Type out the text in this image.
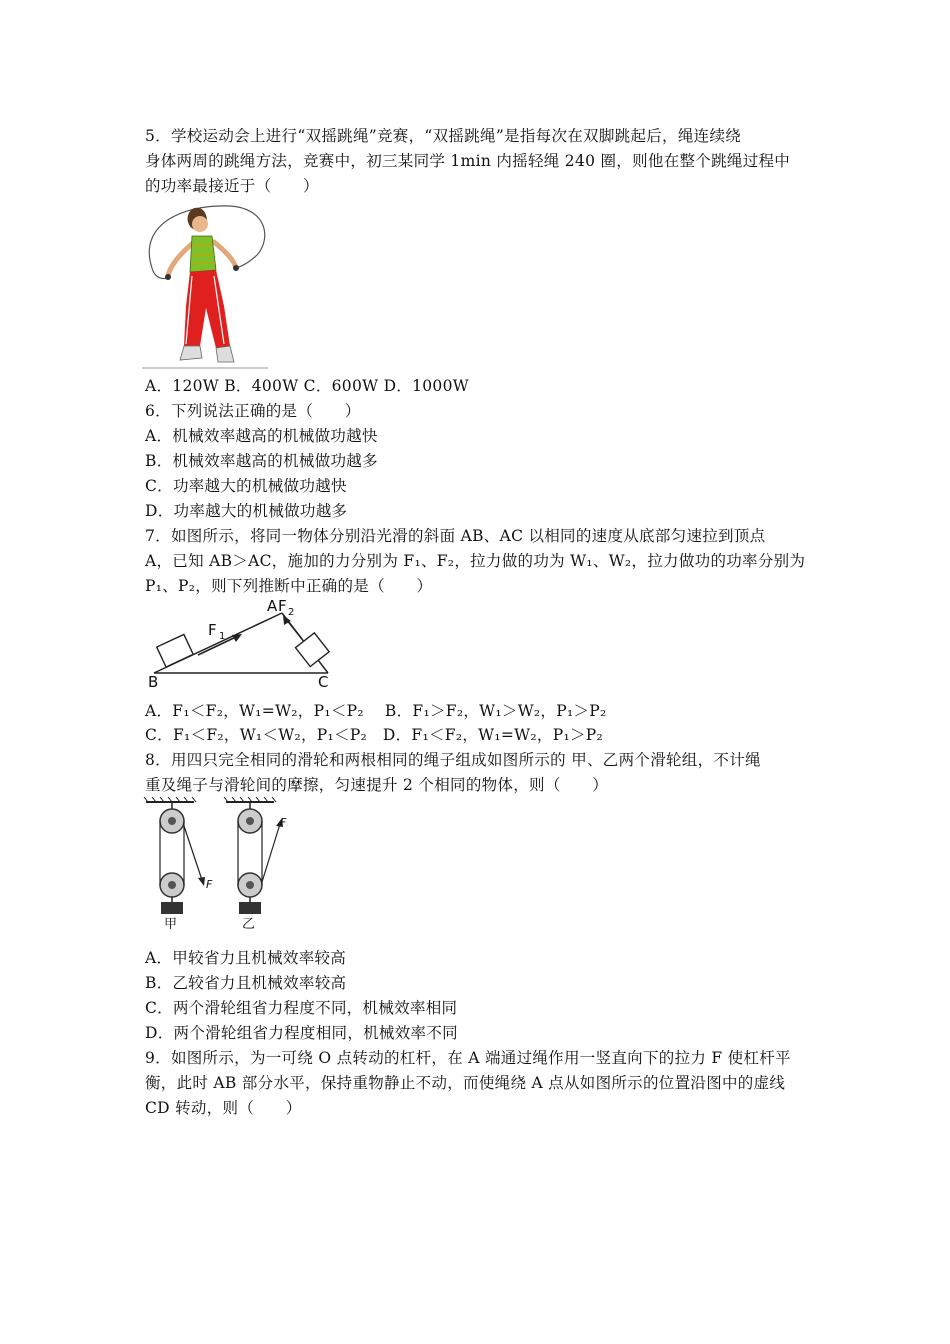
5．学校运动会上进行“双摇跳绳”竞赛，“双摇跳绳”是指每次在双脚跳起后，绳连续绕
身体两周的跳绳方法，竞赛中，初三某同学 1min 内摇轻绳 240 圈，则他在整个跳绳过程中
的功率最接近于（　　）
A．120W B．400W C．600W D．1000W
6．下列说法正确的是（　　）
A．机械效率越高的机械做功越快
B．机械效率越高的机械做功越多
C．功率越大的机械做功越快
D．功率越大的机械做功越多
7．如图所示，将同一物体分别沿光滑的斜面 AB、AC 以相同的速度从底部匀速拉到顶点
A，已知 AB＞AC，施加的力分别为 F₁、F₂，拉力做的功为 W₁、W₂，拉力做功的功率分别为
P₁、P₂，则下列推断中正确的是（　　）
F 1
A F 2
B	C
A．F₁＜F₂，W₁=W₂，P₁＜P₂　 B．F₁＞F₂，W₁＞W₂，P₁＞P₂
C．F₁＜F₂，W₁＜W₂，P₁＜P₂　D．F₁＜F₂，W₁=W₂，P₁＞P₂
8．用四只完全相同的滑轮和两根相同的绳子组成如图所示的 甲、乙两个滑轮组，不计绳
重及绳子与滑轮间的摩擦，匀速提升 2 个相同的物体，则（　　）
F
甲
F
乙
A．甲较省力且机械效率较高
B．乙较省力且机械效率较高
C．两个滑轮组省力程度不同，机械效率相同
D．两个滑轮组省力程度相同，机械效率不同
9．如图所示，为一可绕 O 点转动的杠杆，在 A 端通过绳作用一竖直向下的拉力 F 使杠杆平
衡，此时 AB 部分水平，保持重物静止不动，而使绳绕 A 点从如图所示的位置沿图中的虚线
CD 转动，则（　　）
